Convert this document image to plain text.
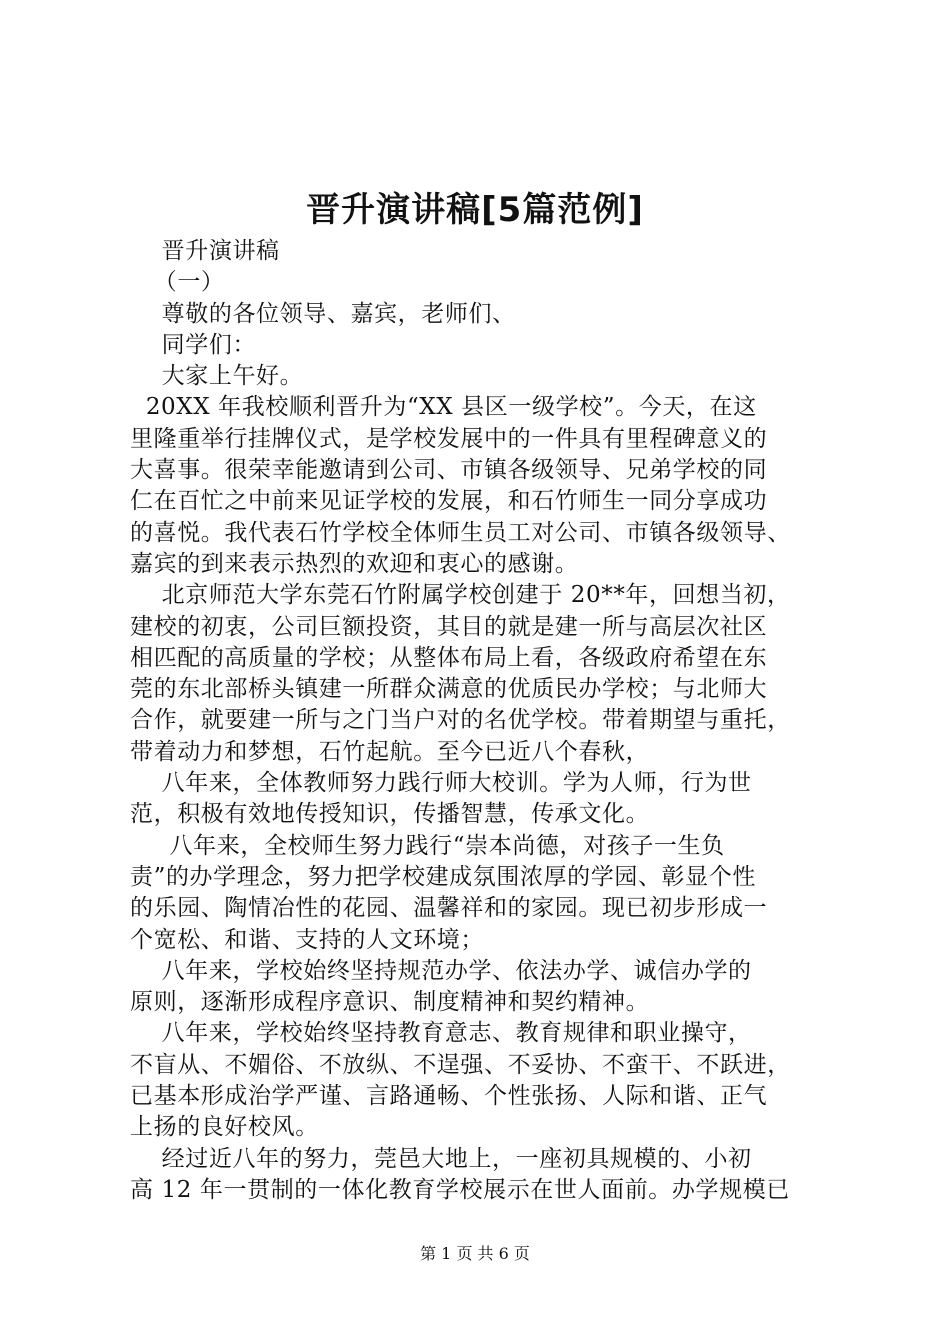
晋升演讲稿[5篇范例]
晋升演讲稿
（一）
尊敬的各位领导、嘉宾，老师们、
同学们：
大家上午好。
20XX 年我校顺利晋升为“XX 县区一级学校”。今天，在这
里隆重举行挂牌仪式，是学校发展中的一件具有里程碑意义的
大喜事。很荣幸能邀请到公司、市镇各级领导、兄弟学校的同
仁在百忙之中前来见证学校的发展，和石竹师生一同分享成功
的喜悦。我代表石竹学校全体师生员工对公司、市镇各级领导、
嘉宾的到来表示热烈的欢迎和衷心的感谢。
北京师范大学东莞石竹附属学校创建于 20**年，回想当初，
建校的初衷，公司巨额投资，其目的就是建一所与高层次社区
相匹配的高质量的学校；从整体布局上看，各级政府希望在东
莞的东北部桥头镇建一所群众满意的优质民办学校；与北师大
合作，就要建一所与之门当户对的名优学校。带着期望与重托，
带着动力和梦想，石竹起航。至今已近八个春秋，
八年来，全体教师努力践行师大校训。学为人师，行为世
范，积极有效地传授知识，传播智慧，传承文化。
八年来，全校师生努力践行“崇本尚德，对孩子一生负
责”的办学理念，努力把学校建成氛围浓厚的学园、彰显个性
的乐园、陶情冶性的花园、温馨祥和的家园。现已初步形成一
个宽松、和谐、支持的人文环境；
八年来，学校始终坚持规范办学、依法办学、诚信办学的
原则，逐渐形成程序意识、制度精神和契约精神。
八年来，学校始终坚持教育意志、教育规律和职业操守，
不盲从、不媚俗、不放纵、不逞强、不妥协、不蛮干、不跃进，
已基本形成治学严谨、言路通畅、个性张扬、人际和谐、正气
上扬的良好校风。
经过近八年的努力，莞邑大地上，一座初具规模的、小初
高 12 年一贯制的一体化教育学校展示在世人面前。办学规模已
第 1 页 共 6 页
